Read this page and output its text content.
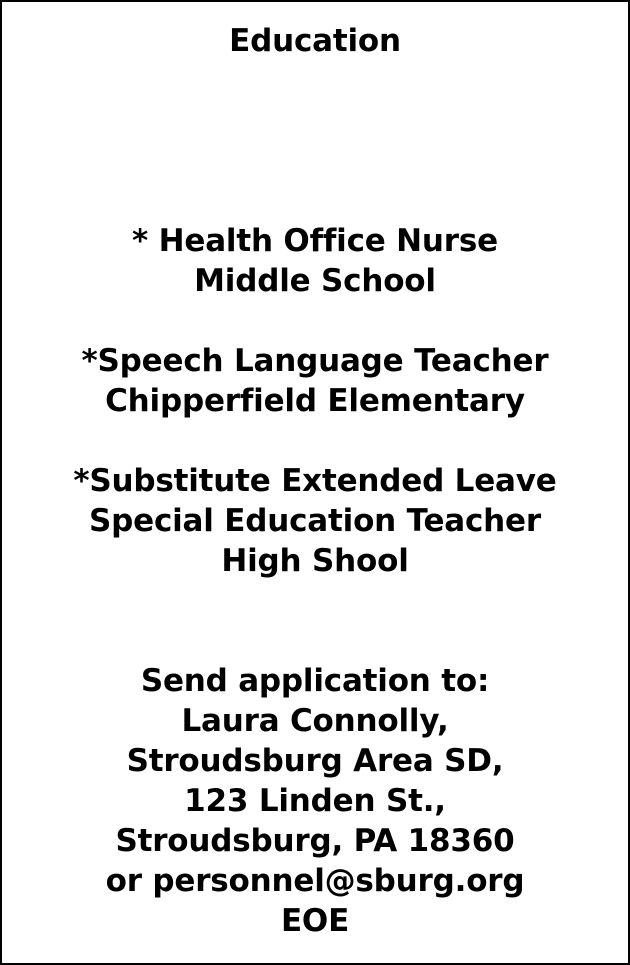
Education
* Health Office Nurse
Middle School
*Speech Language Teacher
Chipperfield Elementary
*Substitute Extended Leave
Special Education Teacher
High Shool
Send application to:
Laura Connolly,
Stroudsburg Area SD,
123 Linden St.,
Stroudsburg, PA 18360
or personnel@sburg.org
EOE
